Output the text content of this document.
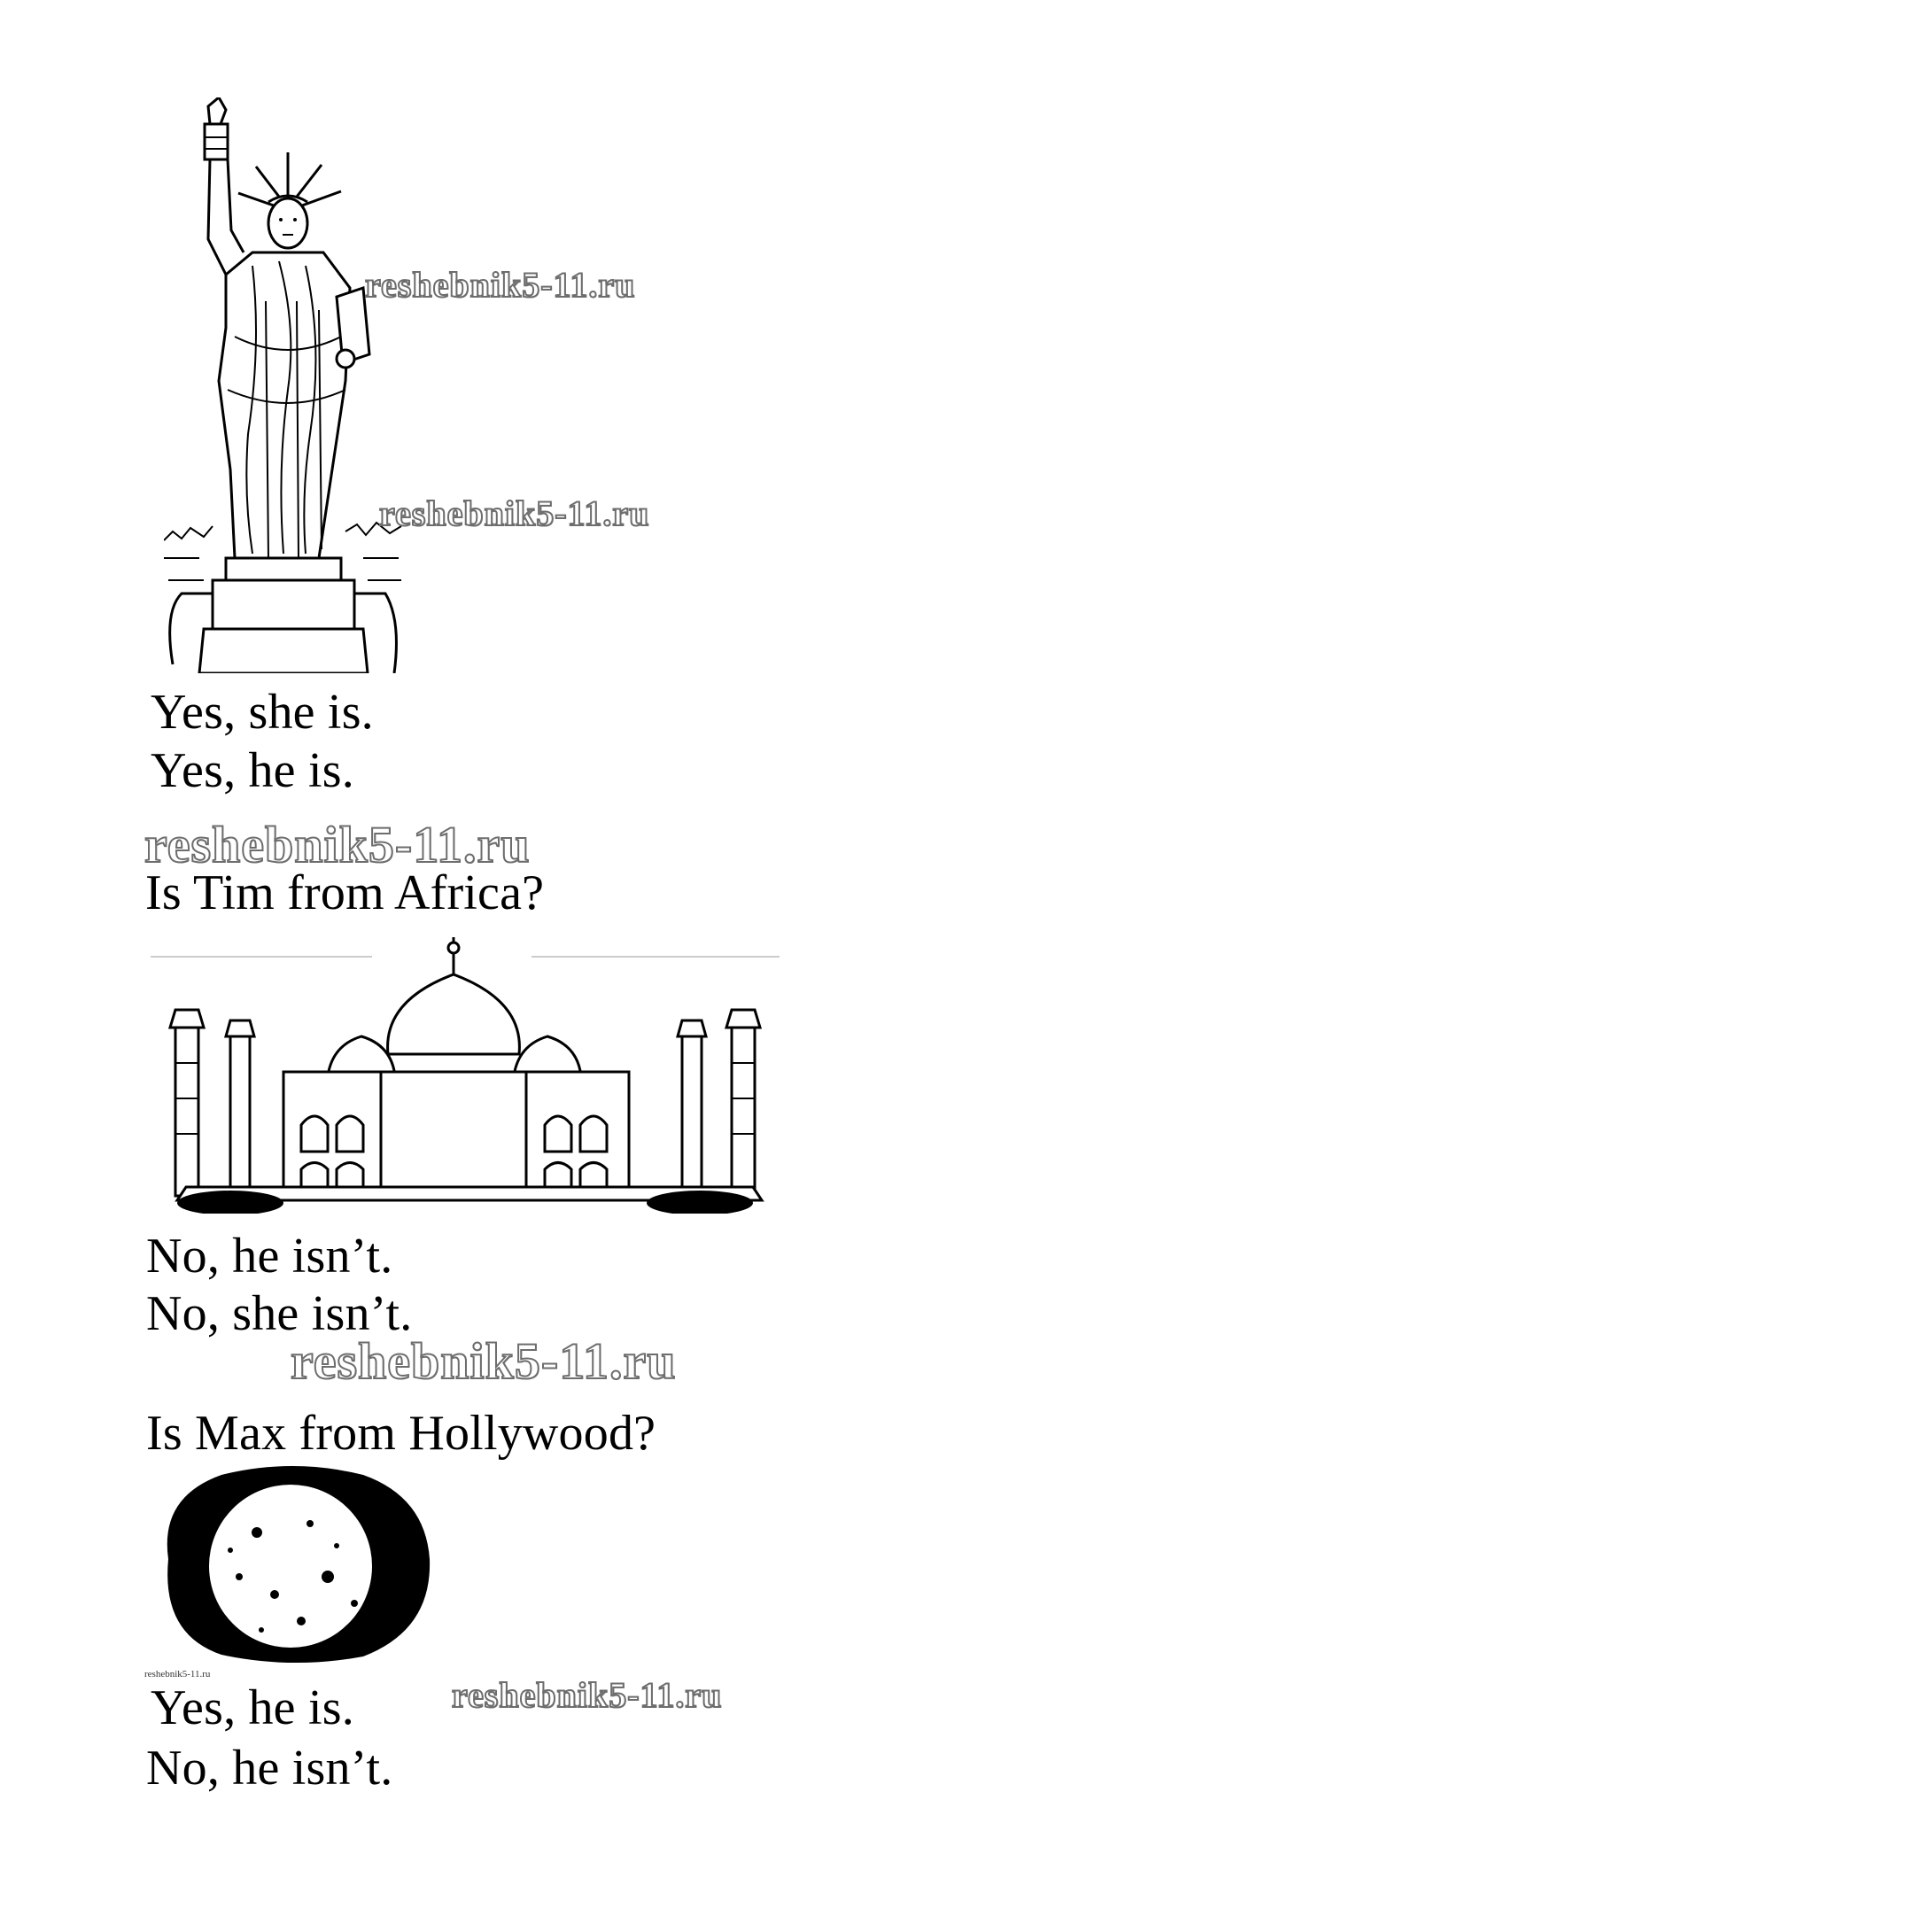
reshebnik5-11.ru
reshebnik5-11.ru
Yes, she is.
Yes, he is.
reshebnik5-11.ru
Is Tim from Africa?
No, he isn’t.
No, she isn’t.
reshebnik5-11.ru
Is Max from Hollywood?
reshebnik5-11.ru
reshebnik5-11.ru
Yes, he is.
No, he isn’t.
